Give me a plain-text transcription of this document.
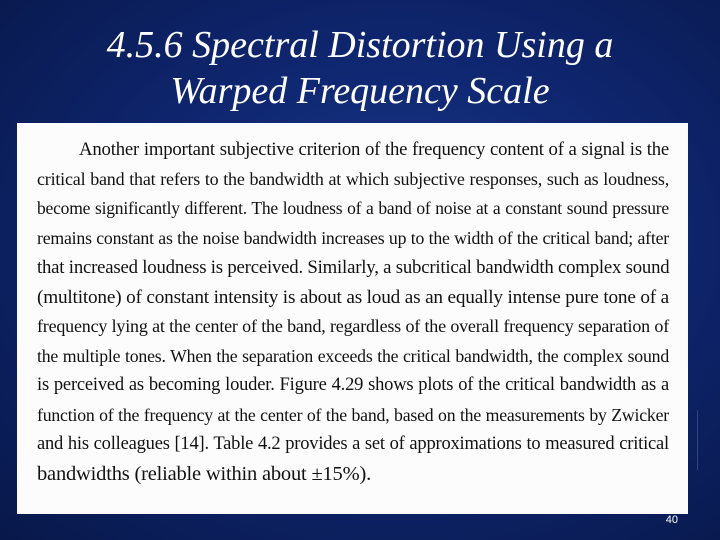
4.5.6 Spectral Distortion Using a
Warped Frequency Scale
Another important subjective criterion of the frequency content of a signal is the
critical band that refers to the bandwidth at which subjective responses, such as loudness,
become significantly different. The loudness of a band of noise at a constant sound pressure
remains constant as the noise bandwidth increases up to the width of the critical band; after
that increased loudness is perceived. Similarly, a subcritical bandwidth complex sound
(multitone) of constant intensity is about as loud as an equally intense pure tone of a
frequency lying at the center of the band, regardless of the overall frequency separation of
the multiple tones. When the separation exceeds the critical bandwidth, the complex sound
is perceived as becoming louder. Figure 4.29 shows plots of the critical bandwidth as a
function of the frequency at the center of the band, based on the measurements by Zwicker
and his colleagues [14]. Table 4.2 provides a set of approximations to measured critical
bandwidths (reliable within about ±15%).
40
